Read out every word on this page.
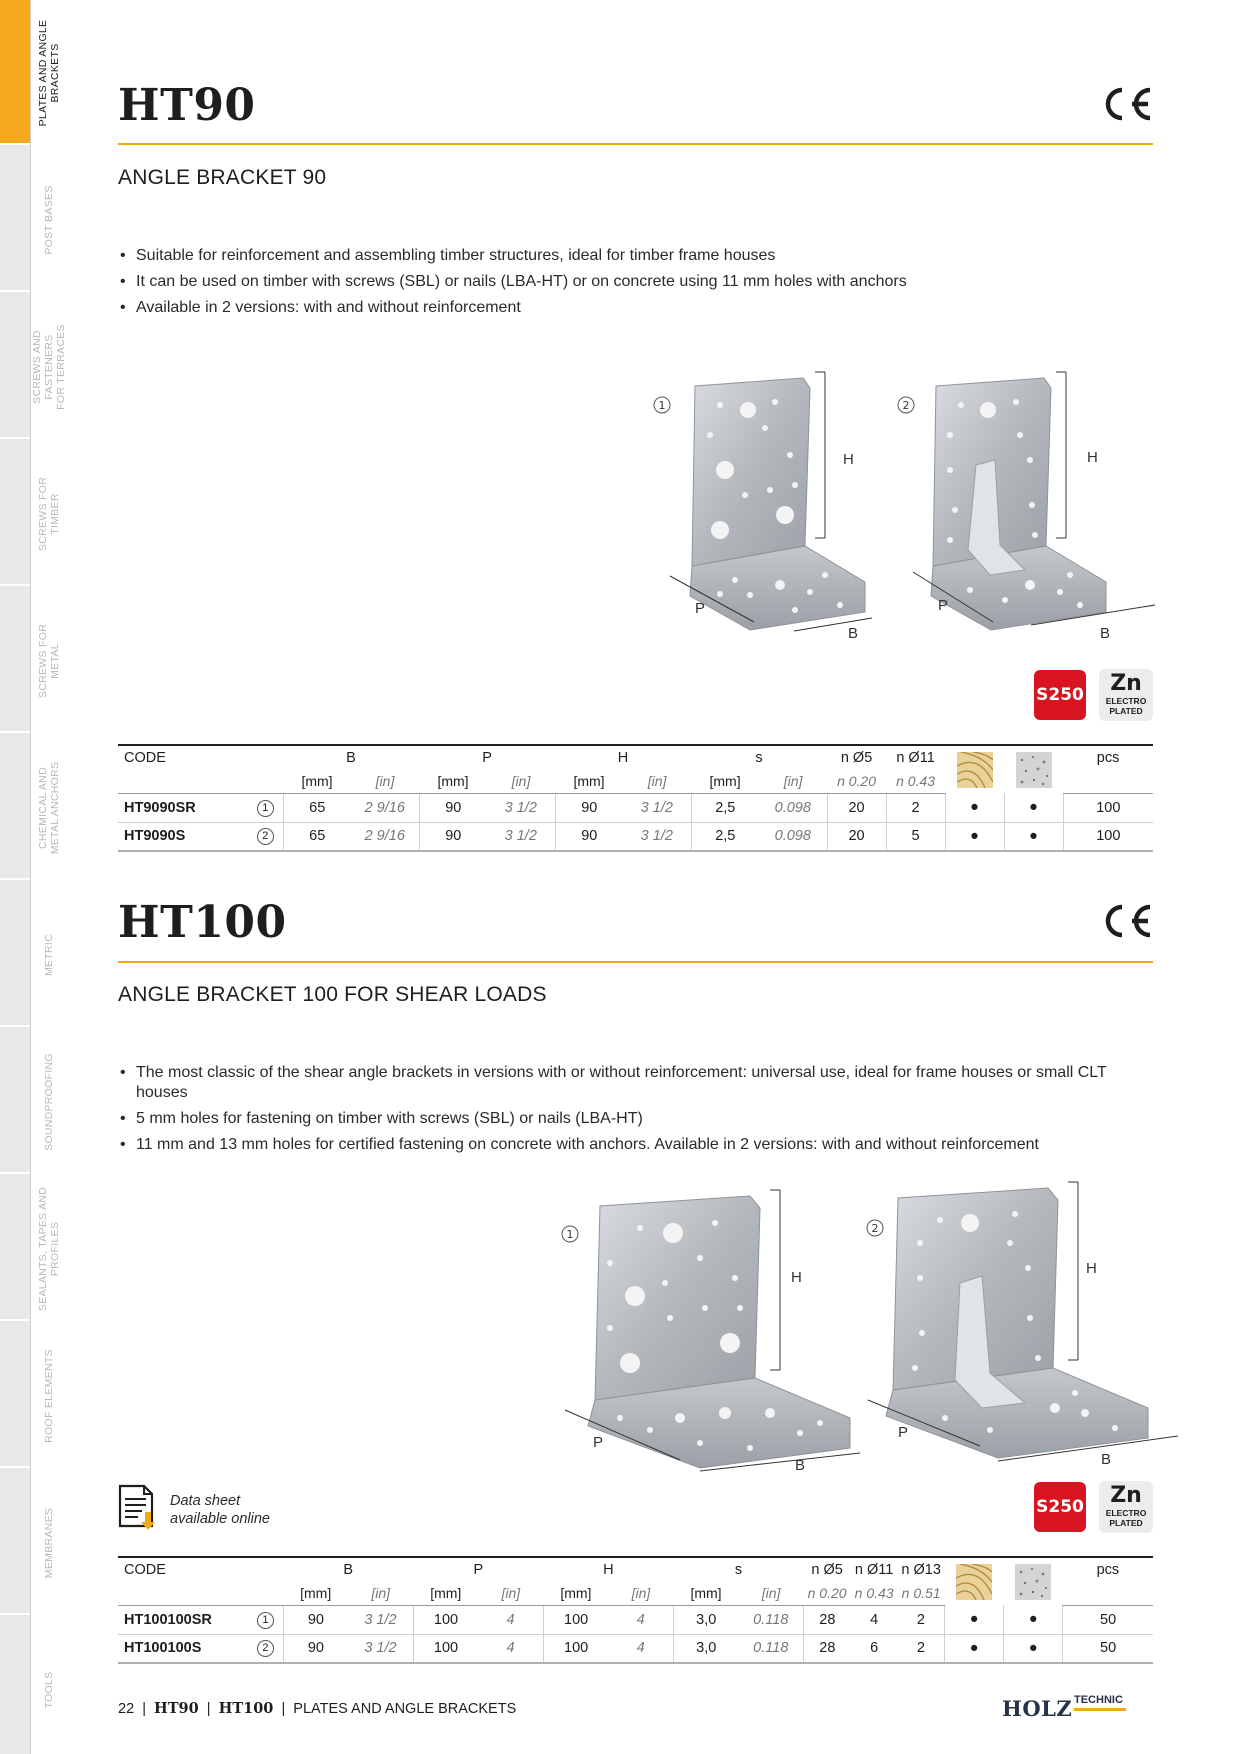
PLATES AND ANGLE
BRACKETS
POST BASES
SCREWS AND FASTENERS
FOR TERRACES
SCREWS FOR
TIMBER
SCREWS FOR
METAL
CHEMICAL AND
METAL ANCHORS
METRIC
SOUNDPROOFING
SEALANTS, TAPES AND
PROFILES
ROOF ELEMENTS
MEMBRANES
TOOLS
HT90
ANGLE BRACKET 90
• Suitable for reinforcement and assembling timber structures, ideal for timber frame houses
• It can be used on timber with screws (SBL) or nails (LBA-HT) or on concrete using 11 mm holes with anchors
• Available in 2 versions: with and without reinforcement
1
H
P
B
2
H
P
B
S250	Zn
ELECTRO PLATED
CODE		B		P		H		s		n Ø5	n Ø11			pcs
		[mm]	[in]	[mm]	[in]	[mm]	[in]	[mm]	[in]	n 0.20	n 0.43			
HT9090SR	1	65	2 9/16	90	3 1/2	90	3 1/2	2,5	0.098	20	2	●	●	100
HT9090S	2	65	2 9/16	90	3 1/2	90	3 1/2	2,5	0.098	20	5	●	●	100
HT100
ANGLE BRACKET 100 FOR SHEAR LOADS
• The most classic of the shear angle brackets in versions with or without reinforcement: universal use, ideal for frame houses or small CLT houses
• 5 mm holes for fastening on timber with screws (SBL) or nails (LBA-HT)
• 11 mm and 13 mm holes for certified fastening on concrete with anchors. Available in 2 versions: with and without reinforcement
1
H
P
B
2
H
P
B
Data sheet
available online
S250	Zn
ELECTRO PLATED
CODE		B		P		H		s		n Ø5	n Ø11	n Ø13			pcs
		[mm]	[in]	[mm]	[in]	[mm]	[in]	[mm]	[in]	n 0.20	n 0.43	n 0.51			
HT100100SR	1	90	3 1/2	100	4	100	4	3,0	0.118	28	4	2	●	●	50
HT100100S	2	90	3 1/2	100	4	100	4	3,0	0.118	28	6	2	●	●	50
22 | HT90 | HT100 | PLATES AND ANGLE BRACKETS	HOLZ TECHNIC
